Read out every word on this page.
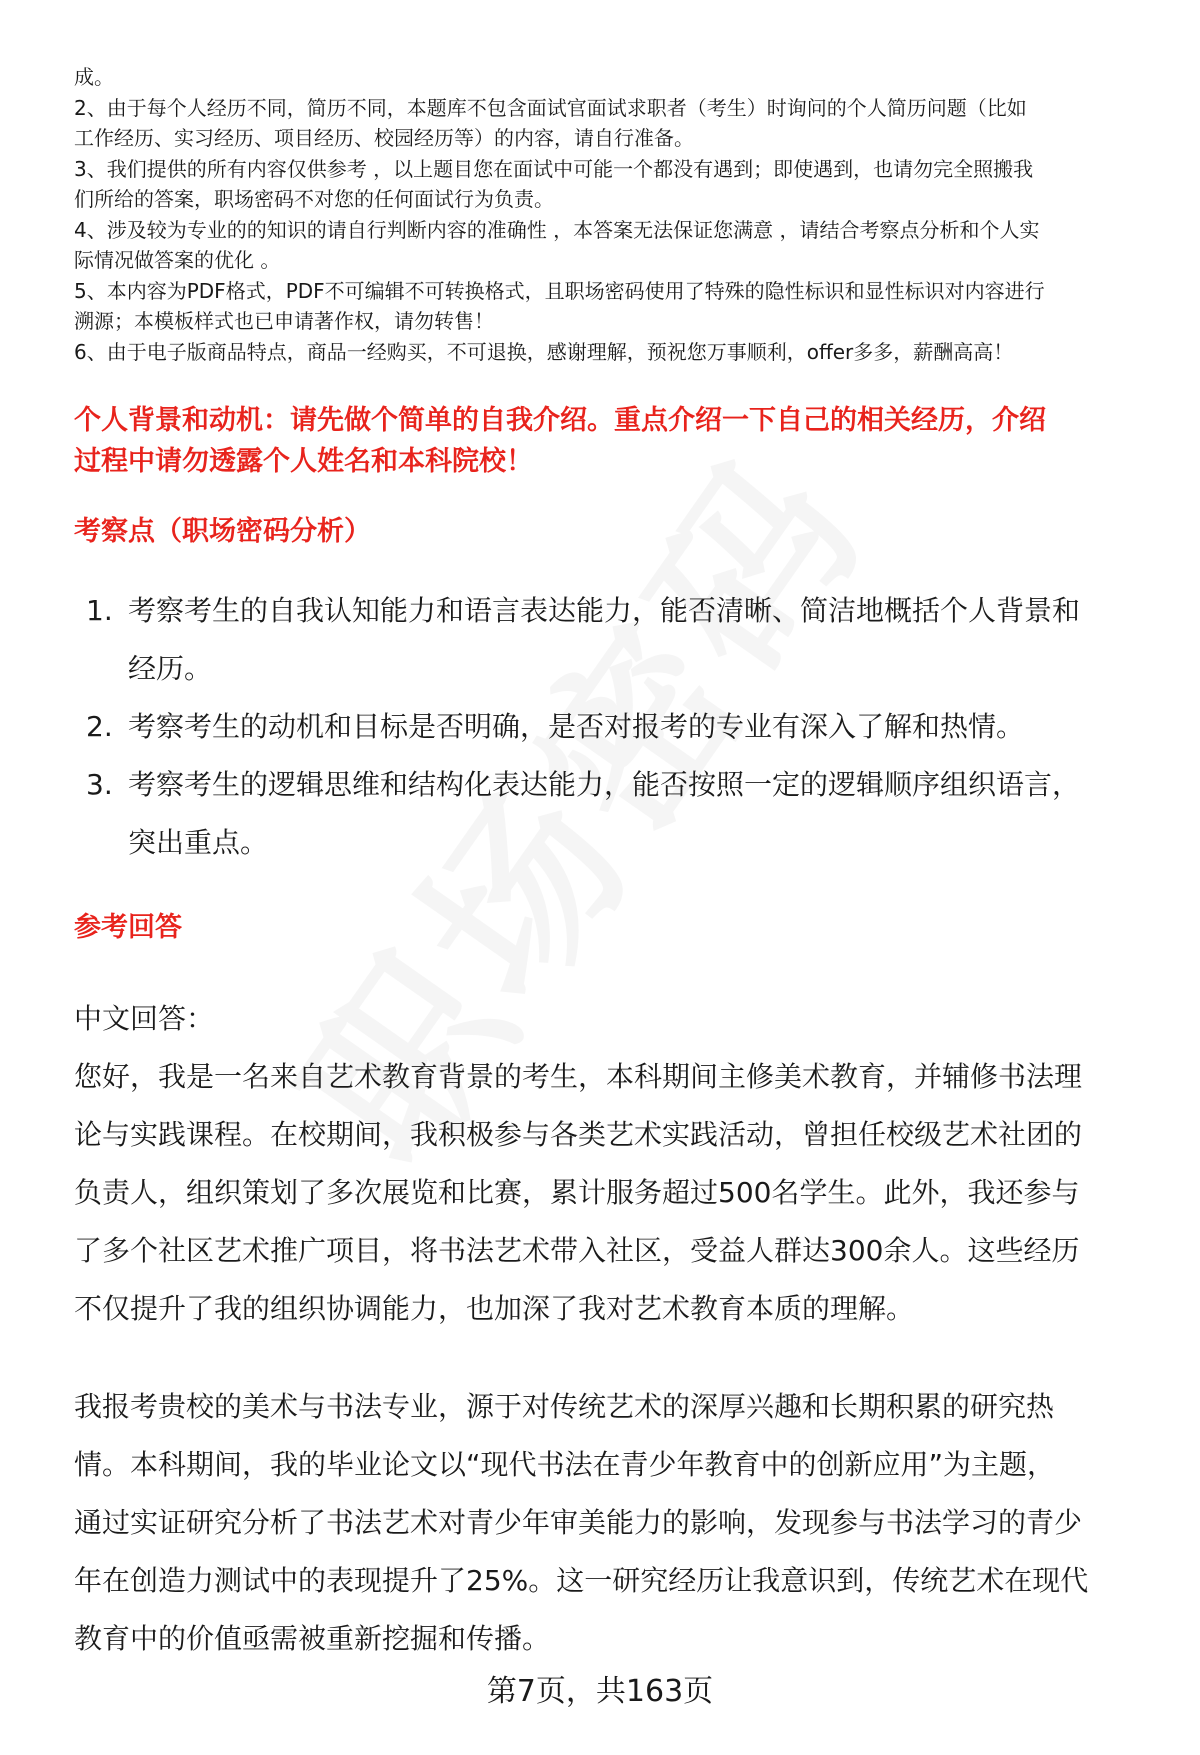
成。
2、由于每个人经历不同，简历不同，本题库不包含面试官面试求职者（考生）时询问的个人简历问题（比如
工作经历、实习经历、项目经历、校园经历等）的内容，请自行准备。
3、我们提供的所有内容仅供参考 ，以上题目您在面试中可能一个都没有遇到；即使遇到，也请勿完全照搬我
们所给的答案，职场密码不对您的任何面试行为负责。
4、涉及较为专业的的知识的请自行判断内容的准确性 ，本答案无法保证您满意 ，请结合考察点分析和个人实
际情况做答案的优化 。
5、本内容为PDF格式，PDF不可编辑不可转换格式，且职场密码使用了特殊的隐性标识和显性标识对内容进行
溯源；本模板样式也已申请著作权，请勿转售！
6、由于电子版商品特点，商品一经购买，不可退换，感谢理解，预祝您万事顺利，offer多多，薪酬高高！
个人背景和动机：请先做个简单的自我介绍。重点介绍一下自己的相关经历，介绍
过程中请勿透露个人姓名和本科院校！
考察点（职场密码分析）
1. 考察考生的自我认知能力和语言表达能力，能否清晰、简洁地概括个人背景和
经历。
2. 考察考生的动机和目标是否明确，是否对报考的专业有深入了解和热情。
3. 考察考生的逻辑思维和结构化表达能力，能否按照一定的逻辑顺序组织语言，
突出重点。
参考回答
中文回答：
您好，我是一名来自艺术教育背景的考生，本科期间主修美术教育，并辅修书法理
论与实践课程。在校期间，我积极参与各类艺术实践活动，曾担任校级艺术社团的
负责人，组织策划了多次展览和比赛，累计服务超过500名学生。此外，我还参与
了多个社区艺术推广项目，将书法艺术带入社区，受益人群达300余人。这些经历
不仅提升了我的组织协调能力，也加深了我对艺术教育本质的理解。
我报考贵校的美术与书法专业，源于对传统艺术的深厚兴趣和长期积累的研究热
情。本科期间，我的毕业论文以“现代书法在青少年教育中的创新应用”为主题，
通过实证研究分析了书法艺术对青少年审美能力的影响，发现参与书法学习的青少
年在创造力测试中的表现提升了25%。这一研究经历让我意识到，传统艺术在现代
教育中的价值亟需被重新挖掘和传播。
第7页，共163页
